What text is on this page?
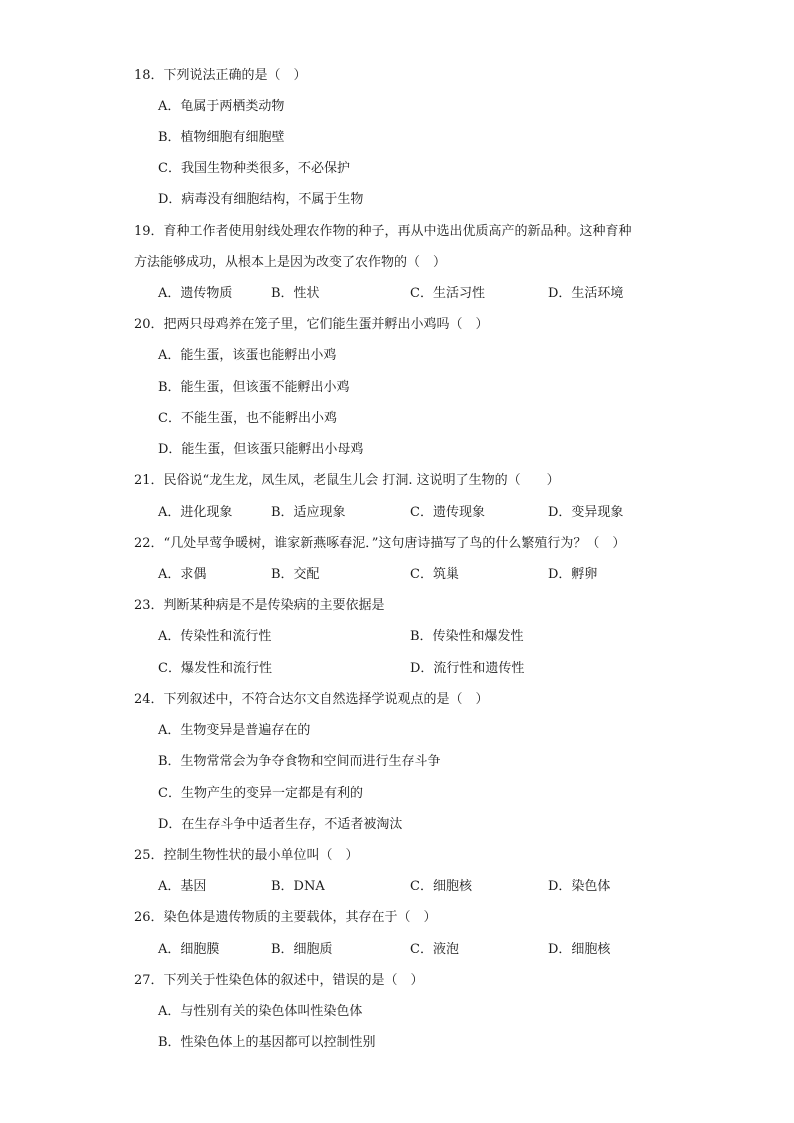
18．下列说法正确的是（　）
A．龟属于两栖类动物
B．植物细胞有细胞壁
C．我国生物种类很多，不必保护
D．病毒没有细胞结构，不属于生物
19．育种工作者使用射线处理农作物的种子，再从中选出优质高产的新品种。这种育种
方法能够成功，从根本上是因为改变了农作物的（　）
A．遗传物质	B．性状	C．生活习性	D．生活环境
20．把两只母鸡养在笼子里，它们能生蛋并孵出小鸡吗（　）
A．能生蛋，该蛋也能孵出小鸡
B．能生蛋，但该蛋不能孵出小鸡
C．不能生蛋，也不能孵出小鸡
D．能生蛋，但该蛋只能孵出小母鸡
21．民俗说“龙生龙，凤生凤，老鼠生儿会 打洞. 这说明了生物的（　　）
A．进化现象	B．适应现象	C．遗传现象	D．变异现象
22．“几处早莺争暖树，谁家新燕啄春泥．”这句唐诗描写了鸟的什么繁殖行为？（　）
A．求偶	B．交配	C．筑巢	D．孵卵
23．判断某种病是不是传染病的主要依据是
A．传染性和流行性	B．传染性和爆发性
C．爆发性和流行性	D．流行性和遗传性
24．下列叙述中，不符合达尔文自然选择学说观点的是（　）
A．生物变异是普遍存在的
B．生物常常会为争夺食物和空间而进行生存斗争
C．生物产生的变异一定都是有利的
D．在生存斗争中适者生存，不适者被淘汰
25．控制生物性状的最小单位叫（　）
A．基因	B．DNA	C．细胞核	D．染色体
26．染色体是遗传物质的主要载体，其存在于（　）
A．细胞膜	B．细胞质	C．液泡	D．细胞核
27．下列关于性染色体的叙述中，错误的是（　）
A．与性别有关的染色体叫性染色体
B．性染色体上的基因都可以控制性别
